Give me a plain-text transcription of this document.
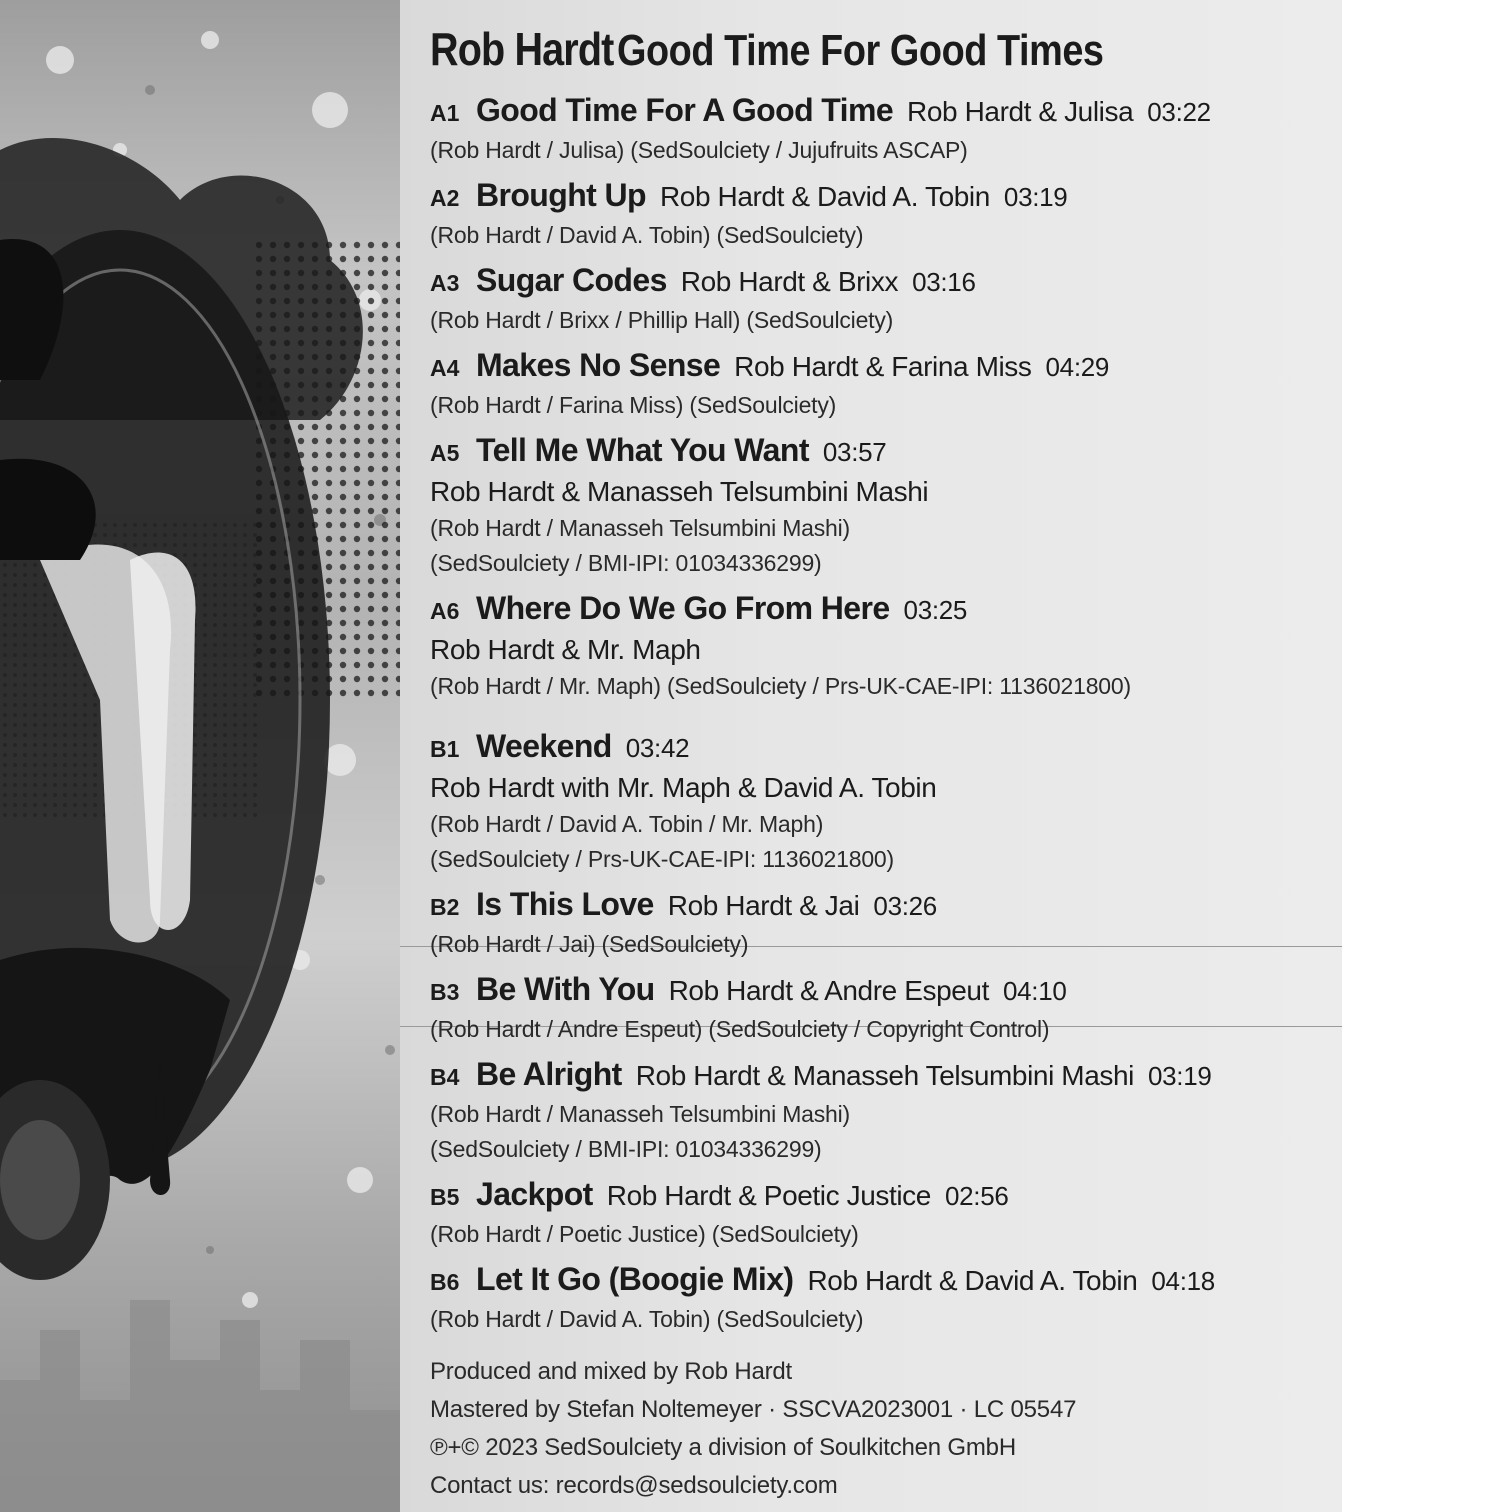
Rob Hardt Good Time For Good Times
A1 Good Time For A Good Time Rob Hardt & Julisa 03:22
(Rob Hardt / Julisa) (SedSoulciety / Jujufruits ASCAP)
A2 Brought Up Rob Hardt & David A. Tobin 03:19
(Rob Hardt / David A. Tobin) (SedSoulciety)
A3 Sugar Codes Rob Hardt & Brixx 03:16
(Rob Hardt / Brixx / Phillip Hall) (SedSoulciety)
A4 Makes No Sense Rob Hardt & Farina Miss 04:29
(Rob Hardt / Farina Miss) (SedSoulciety)
A5 Tell Me What You Want 03:57
Rob Hardt & Manasseh Telsumbini Mashi
(Rob Hardt / Manasseh Telsumbini Mashi)
(SedSoulciety / BMI-IPI: 01034336299)
A6 Where Do We Go From Here 03:25
Rob Hardt & Mr. Maph
(Rob Hardt / Mr. Maph) (SedSoulciety / Prs-UK-CAE-IPI: 1136021800)
B1 Weekend 03:42
Rob Hardt with Mr. Maph & David A. Tobin
(Rob Hardt / David A. Tobin / Mr. Maph)
(SedSoulciety / Prs-UK-CAE-IPI: 1136021800)
B2 Is This Love Rob Hardt & Jai 03:26
(Rob Hardt / Jai) (SedSoulciety)
B3 Be With You Rob Hardt & Andre Espeut 04:10
(Rob Hardt / Andre Espeut) (SedSoulciety / Copyright Control)
B4 Be Alright Rob Hardt & Manasseh Telsumbini Mashi 03:19
(Rob Hardt / Manasseh Telsumbini Mashi)
(SedSoulciety / BMI-IPI: 01034336299)
B5 Jackpot Rob Hardt & Poetic Justice 02:56
(Rob Hardt / Poetic Justice) (SedSoulciety)
B6 Let It Go (Boogie Mix) Rob Hardt & David A. Tobin 04:18
(Rob Hardt / David A. Tobin) (SedSoulciety)
Produced and mixed by Rob Hardt
Mastered by Stefan Noltemeyer · SSCVA2023001 · LC 05547
℗+© 2023 SedSoulciety a division of Soulkitchen GmbH
Contact us: records@sedsoulciety.com
